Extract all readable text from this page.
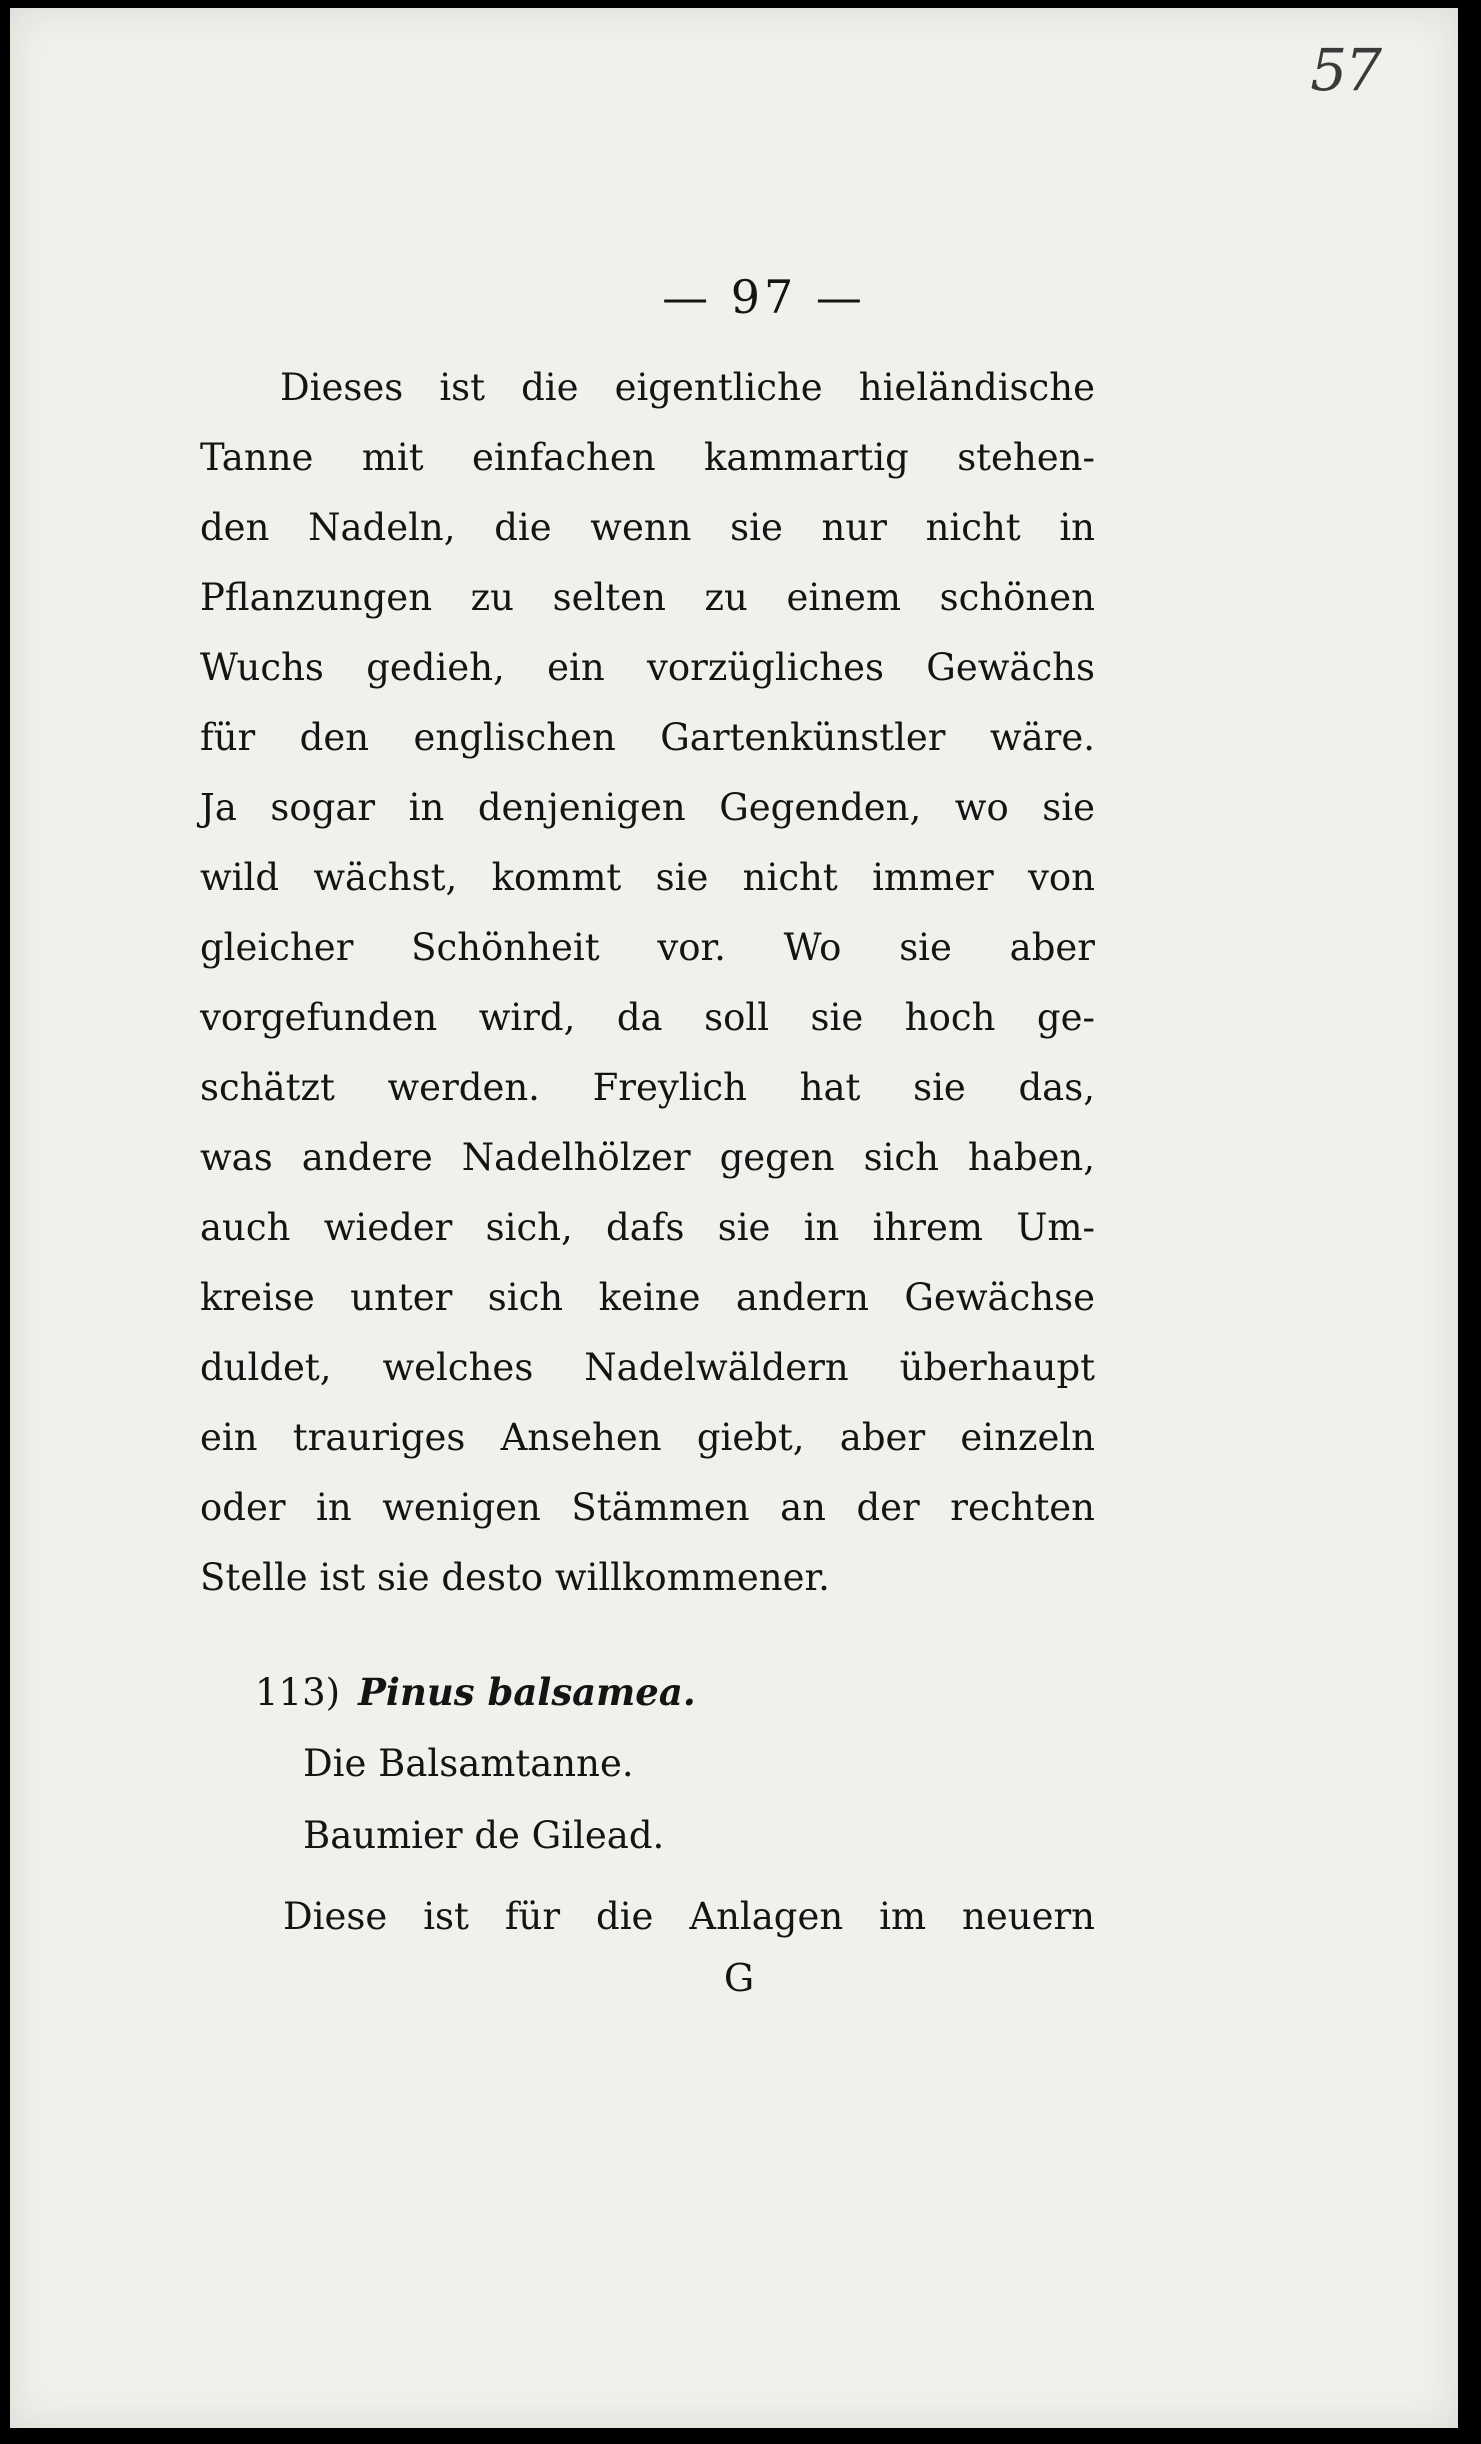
57
— 97 —
Dieses ist die eigentliche hieländische
Tanne mit einfachen kammartig stehen-
den Nadeln, die wenn sie nur nicht in
Pflanzungen zu selten zu einem schönen
Wuchs gedieh, ein vorzügliches Gewächs
für den englischen Gartenkünstler wäre.
Ja sogar in denjenigen Gegenden, wo sie
wild wächst, kommt sie nicht immer von
gleicher Schönheit vor. Wo sie aber
vorgefunden wird, da soll sie hoch ge-
schätzt werden. Freylich hat sie das,
was andere Nadelhölzer gegen sich haben,
auch wieder sich, dafs sie in ihrem Um-
kreise unter sich keine andern Gewächse
duldet, welches Nadelwäldern überhaupt
ein trauriges Ansehen giebt, aber einzeln
oder in wenigen Stämmen an der rechten
Stelle ist sie desto willkommener.
113) Pinus balsamea.
Die Balsamtanne.
Baumier de Gilead.
Diese ist für die Anlagen im neuern
G
